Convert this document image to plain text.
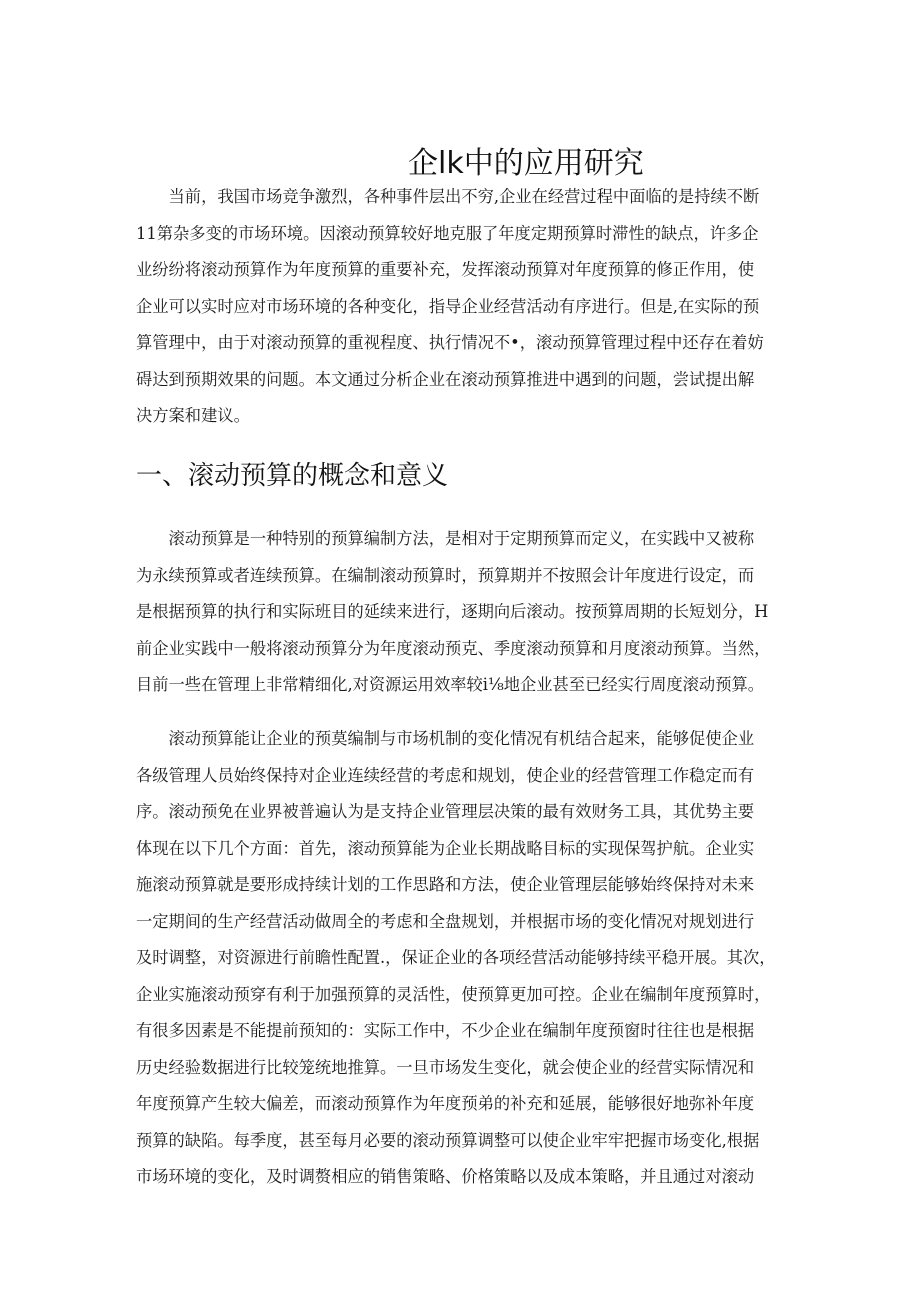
企lk中的应用研究

　　当前，我国市场竞争激烈，各种事件层出不穷,企业在经营过程中面临的是持续不断
11第杂多变的市场环境。因滚动预算较好地克服了年度定期预算时滞性的缺点，许多企
业纷纷将滚动预算作为年度预算的重要补充，发挥滚动预算对年度预算的修正作用，使
企业可以实时应对市场环境的各种变化，指导企业经营活动有序进行。但是,在实际的预
算管理中，由于对滚动预算的重视程度、执行情况不•，滚动预算管理过程中还存在着妨
碍达到预期效果的问题。本文通过分析企业在滚动预算推进中遇到的问题，尝试提出解
决方案和建议。

一、滚动预算的概念和意义

　　滚动预算是一种特别的预算编制方法，是相对于定期预算而定义，在实践中又被称
为永续预算或者连续预算。在编制滚动预算时，预算期并不按照会计年度进行设定，而
是根据预算的执行和实际班目的延续来进行，逐期向后滚动。按预算周期的长短划分，H
前企业实践中一般将滚动预算分为年度滚动预克、季度滚动预算和月度滚动预算。当然，
目前一些在管理上非常精细化,对资源运用效率较i⅛地企业甚至已经实行周度滚动预算。

　　滚动预算能让企业的预莫编制与市场机制的变化情况有机结合起来，能够促使企业
各级管理人员始终保持对企业连续经营的考虑和规划，使企业的经营管理工作稳定而有
序。滚动预免在业界被普遍认为是支持企业管理层决策的最有效财务工具，其优势主要
体现在以下几个方面：首先，滚动预算能为企业长期战略目标的实现保驾护航。企业实
施滚动预算就是要形成持续计划的工作思路和方法，使企业管理层能够始终保持对未来
一定期间的生产经营活动做周全的考虑和全盘规划，并根据市场的变化情况对规划进行
及时调整，对资源进行前瞻性配置.，保证企业的各项经营活动能够持续平稳开展。其次，
企业实施滚动预穿有利于加强预算的灵活性，使预算更加可控。企业在编制年度预算时，
有很多因素是不能提前预知的：实际工作中，不少企业在编制年度预窗时往往也是根据
历史经验数据进行比较笼统地推算。一旦市场发生变化，就会使企业的经营实际情况和
年度预算产生较大偏差，而滚动预算作为年度预弟的补充和延展，能够很好地弥补年度
预算的缺陷。每季度，甚至每月必要的滚动预算调整可以使企业牢牢把握市场变化,根据
市场环境的变化，及时调赘相应的销售策略、价格策略以及成本策略，并且通过对滚动
